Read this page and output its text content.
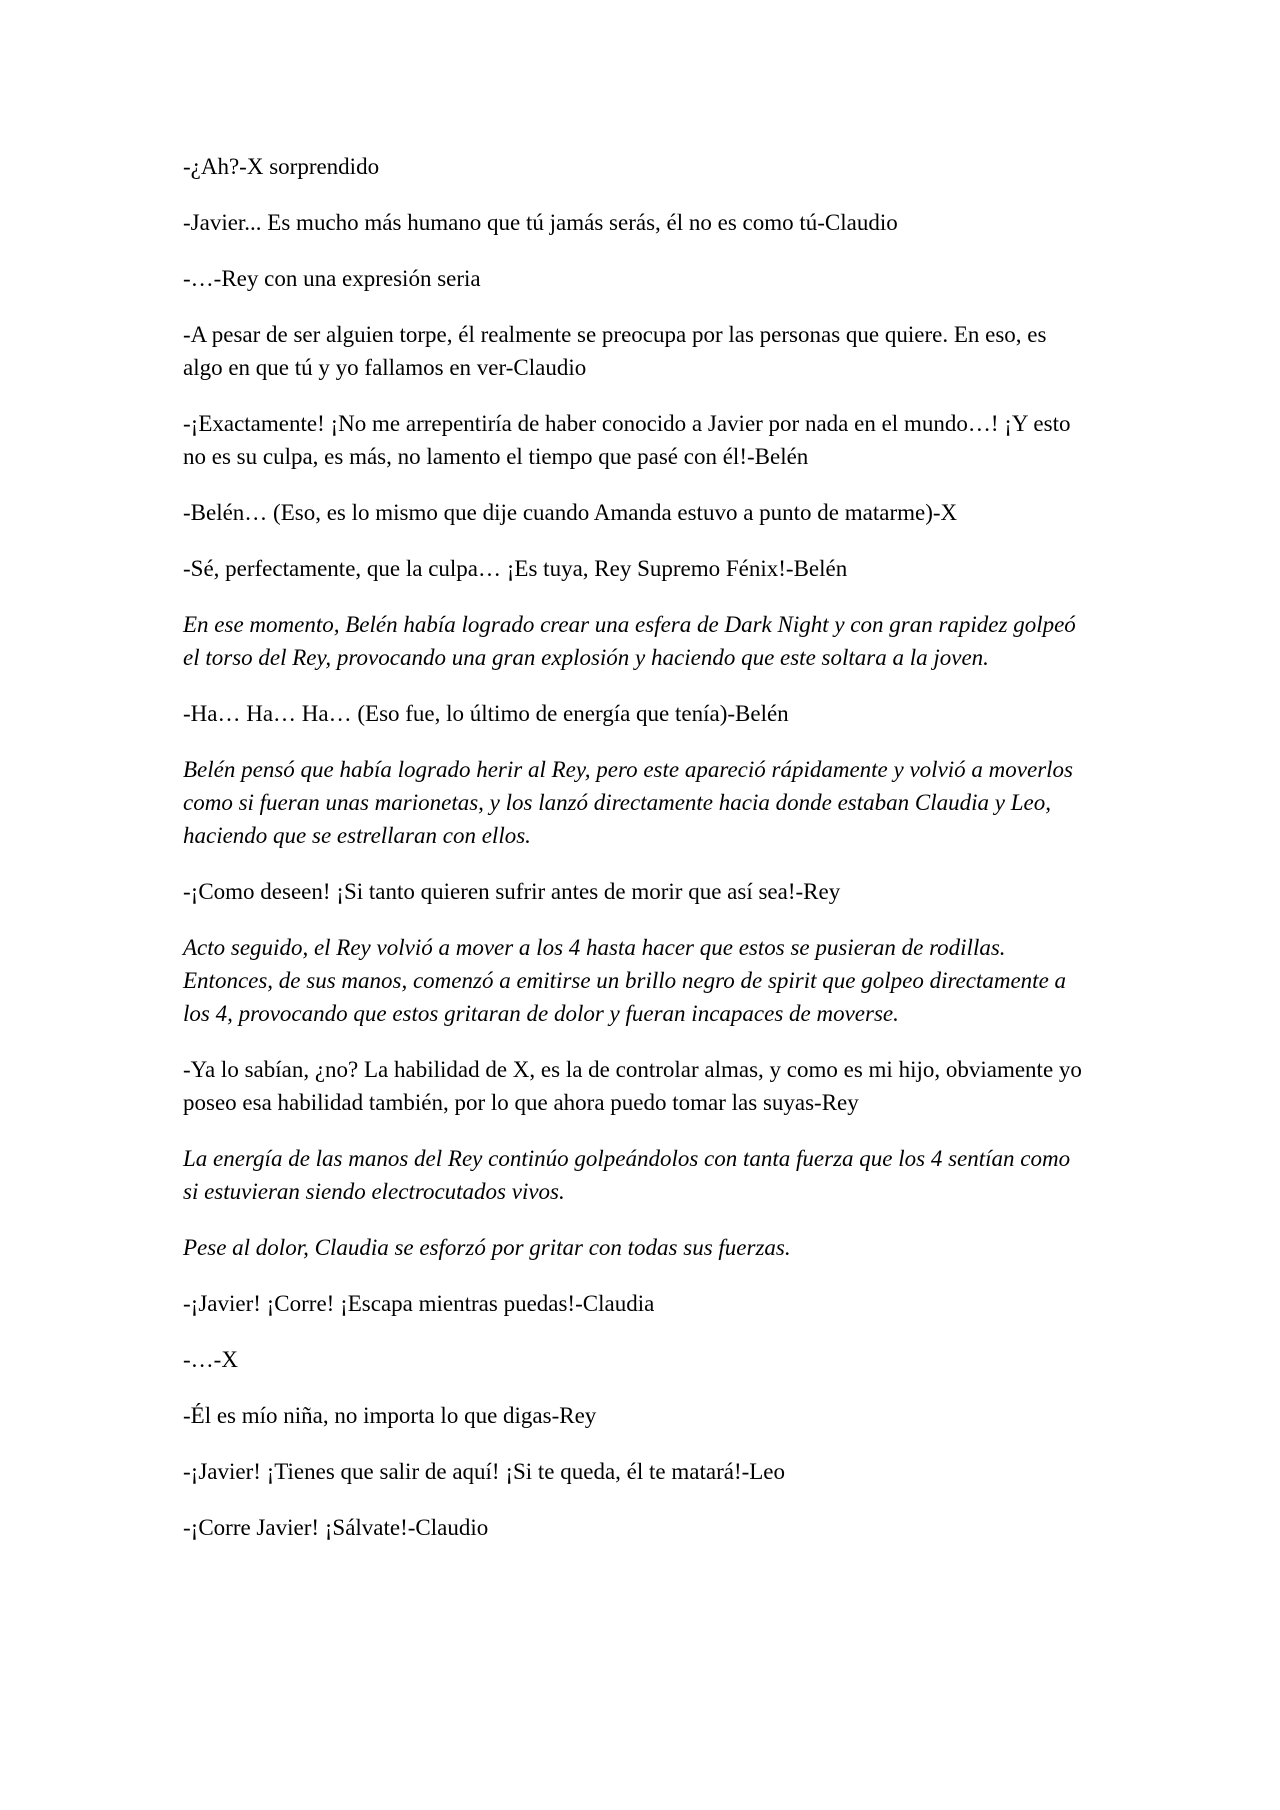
-¿Ah?-X sorprendido

-Javier... Es mucho más humano que tú jamás serás, él no es como tú-Claudio

-…-Rey con una expresión seria

-A pesar de ser alguien torpe, él realmente se preocupa por las personas que quiere. En eso, es algo en que tú y yo fallamos en ver-Claudio

-¡Exactamente! ¡No me arrepentiría de haber conocido a Javier por nada en el mundo…! ¡Y esto no es su culpa, es más, no lamento el tiempo que pasé con él!-Belén

-Belén… (Eso, es lo mismo que dije cuando Amanda estuvo a punto de matarme)-X

-Sé, perfectamente, que la culpa… ¡Es tuya, Rey Supremo Fénix!-Belén

En ese momento, Belén había logrado crear una esfera de Dark Night y con gran rapidez golpeó el torso del Rey, provocando una gran explosión y haciendo que este soltara a la joven.

-Ha… Ha… Ha… (Eso fue, lo último de energía que tenía)-Belén

Belén pensó que había logrado herir al Rey, pero este apareció rápidamente y volvió a moverlos como si fueran unas marionetas, y los lanzó directamente hacia donde estaban Claudia y Leo, haciendo que se estrellaran con ellos.

-¡Como deseen! ¡Si tanto quieren sufrir antes de morir que así sea!-Rey

Acto seguido, el Rey volvió a mover a los 4 hasta hacer que estos se pusieran de rodillas. Entonces, de sus manos, comenzó a emitirse un brillo negro de spirit que golpeo directamente a los 4, provocando que estos gritaran de dolor y fueran incapaces de moverse.

-Ya lo sabían, ¿no? La habilidad de X, es la de controlar almas, y como es mi hijo, obviamente yo poseo esa habilidad también, por lo que ahora puedo tomar las suyas-Rey

La energía de las manos del Rey continúo golpeándolos con tanta fuerza que los 4 sentían como si estuvieran siendo electrocutados vivos.

Pese al dolor, Claudia se esforzó por gritar con todas sus fuerzas.

-¡Javier! ¡Corre! ¡Escapa mientras puedas!-Claudia

-…-X

-Él es mío niña, no importa lo que digas-Rey

-¡Javier! ¡Tienes que salir de aquí! ¡Si te queda, él te matará!-Leo

-¡Corre Javier! ¡Sálvate!-Claudio
